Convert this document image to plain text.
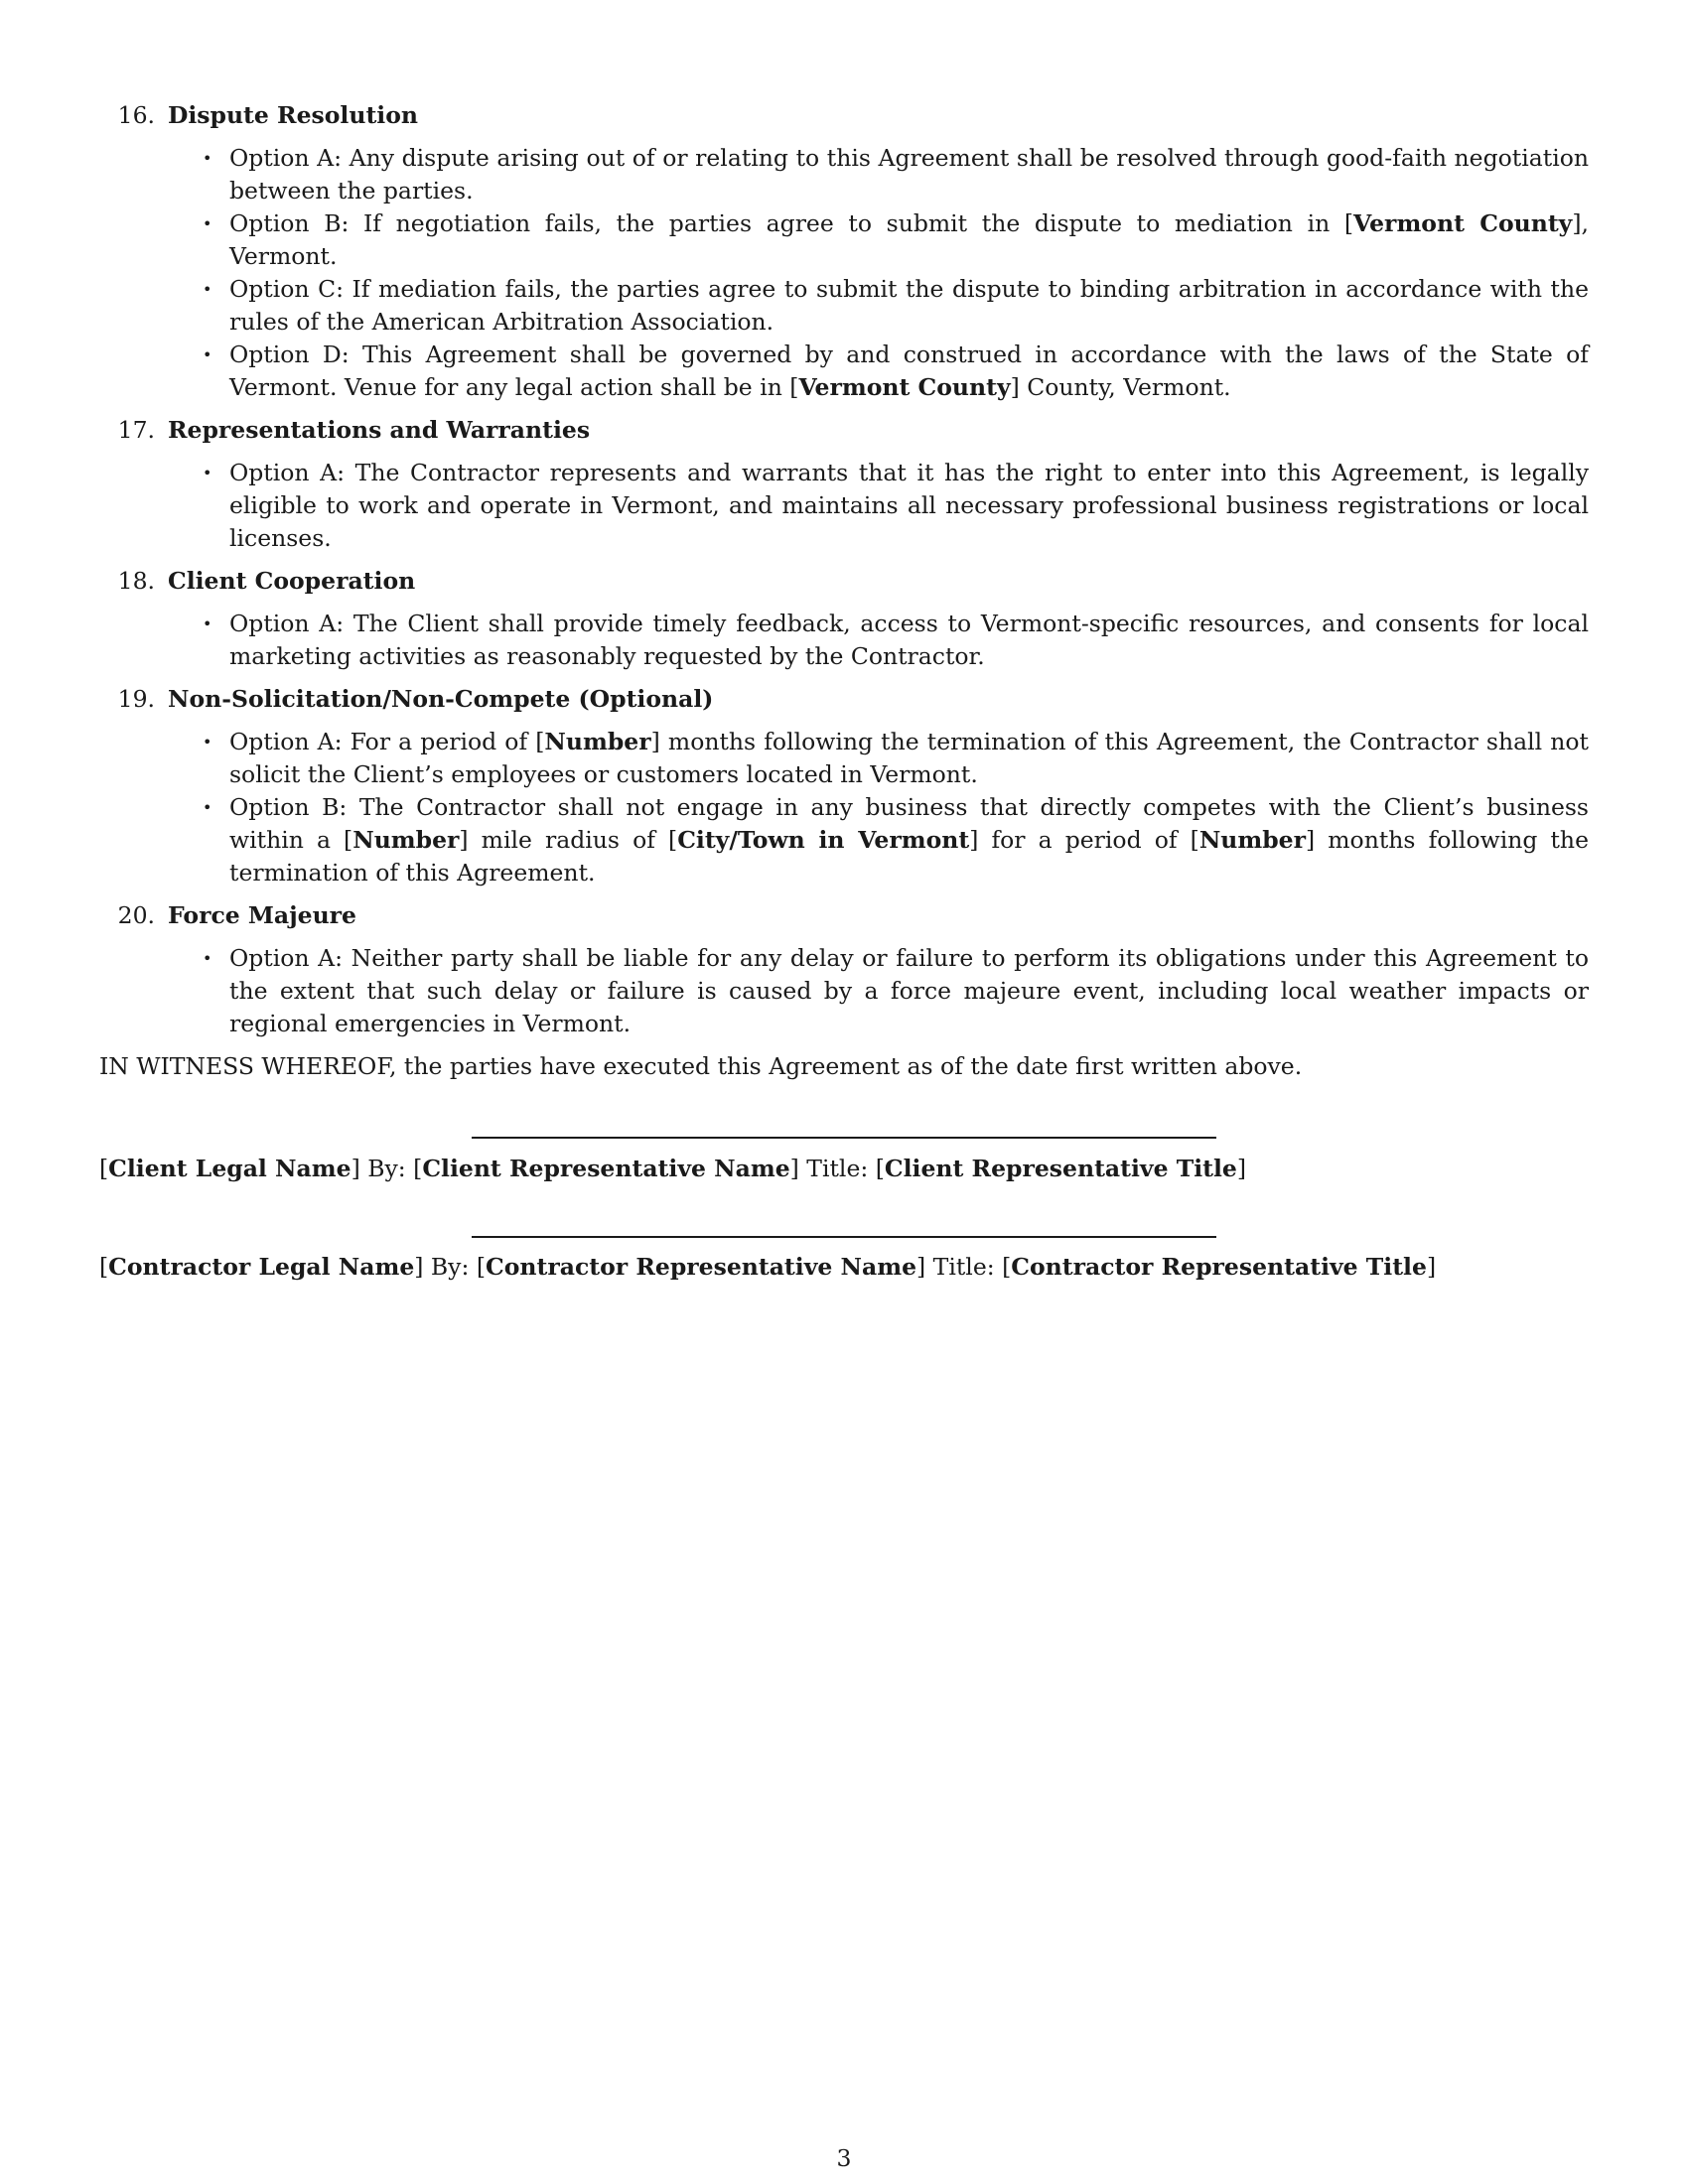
16. Dispute Resolution
• Option A: Any dispute arising out of or relating to this Agreement shall be resolved through good-faith negotiation between the parties.
• Option B: If negotiation fails, the parties agree to submit the dispute to mediation in [Vermont County], Vermont.
• Option C: If mediation fails, the parties agree to submit the dispute to binding arbitration in accordance with the rules of the American Arbitration Association.
• Option D: This Agreement shall be governed by and construed in accordance with the laws of the State of Vermont. Venue for any legal action shall be in [Vermont County] County, Vermont.
17. Representations and Warranties
• Option A: The Contractor represents and warrants that it has the right to enter into this Agreement, is legally eligible to work and operate in Vermont, and maintains all necessary professional business registrations or local licenses.
18. Client Cooperation
• Option A: The Client shall provide timely feedback, access to Vermont-specific resources, and consents for local marketing activities as reasonably requested by the Contractor.
19. Non-Solicitation/Non-Compete (Optional)
• Option A: For a period of [Number] months following the termination of this Agreement, the Contractor shall not solicit the Client’s employees or customers located in Vermont.
• Option B: The Contractor shall not engage in any business that directly competes with the Client’s business within a [Number] mile radius of [City/Town in Vermont] for a period of [Number] months following the termination of this Agreement.
20. Force Majeure
• Option A: Neither party shall be liable for any delay or failure to perform its obligations under this Agreement to the extent that such delay or failure is caused by a force majeure event, including local weather impacts or regional emergencies in Vermont.

IN WITNESS WHEREOF, the parties have executed this Agreement as of the date first written above.

[Client Legal Name] By: [Client Representative Name] Title: [Client Representative Title]
[Contractor Legal Name] By: [Contractor Representative Name] Title: [Contractor Representative Title]
3
